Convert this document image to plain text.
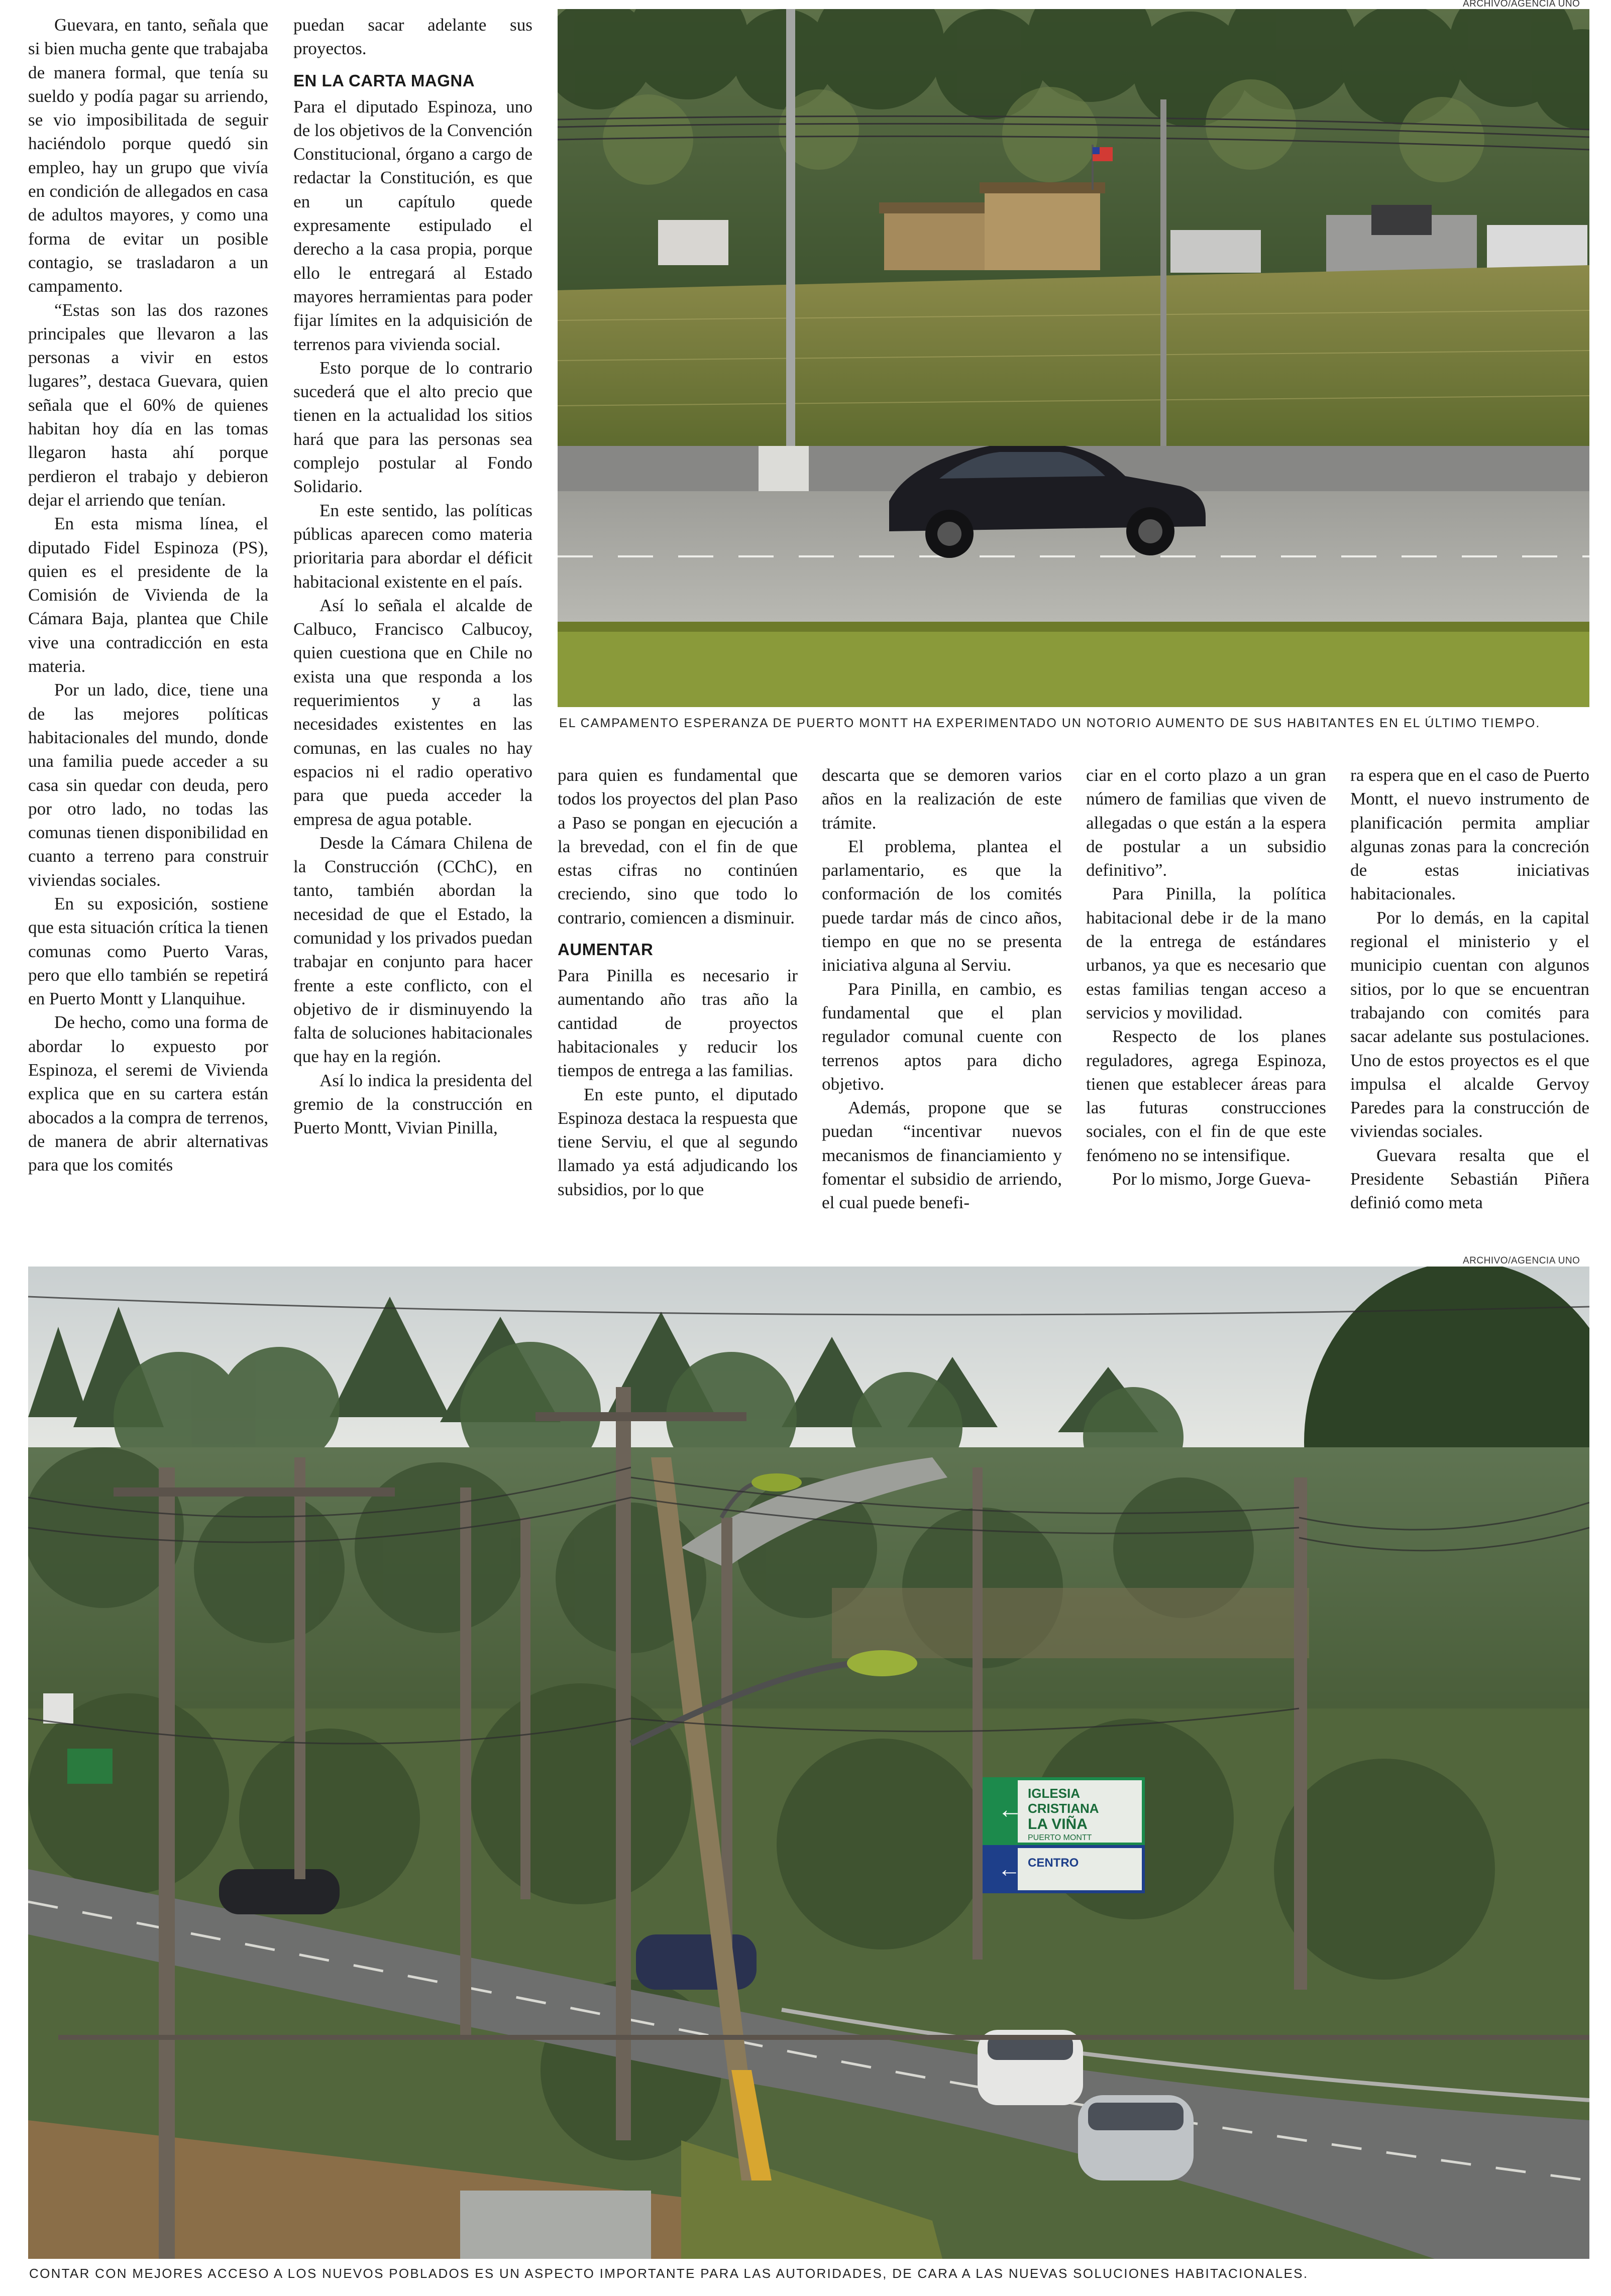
ARCHIVO/AGENCIA UNO
EL CAMPAMENTO ESPERANZA DE PUERTO MONTT HA EXPERIMENTADO UN NOTORIO AUMENTO DE SUS HABITANTES EN EL ÚLTIMO TIEMPO.

Guevara, en tanto, señala que si bien mucha gente que trabajaba de manera formal, que tenía su sueldo y podía pagar su arriendo, se vio imposibilitada de seguir haciéndolo porque quedó sin empleo, hay un grupo que vivía en condición de allegados en casa de adultos mayores, y como una forma de evitar un posible contagio, se trasladaron a un campamento.

“Estas son las dos razones principales que llevaron a las personas a vivir en estos lugares”, destaca Guevara, quien señala que el 60% de quienes habitan hoy día en las tomas llegaron hasta ahí porque perdieron el trabajo y debieron dejar el arriendo que tenían.

En esta misma línea, el diputado Fidel Espinoza (PS), quien es el presidente de la Comisión de Vivienda de la Cámara Baja, plantea que Chile vive una contradicción en esta materia.

Por un lado, dice, tiene una de las mejores políticas habitacionales del mundo, donde una familia puede acceder a su casa sin quedar con deuda, pero por otro lado, no todas las comunas tienen disponibilidad en cuanto a terreno para construir viviendas sociales.

En su exposición, sostiene que esta situación crítica la tienen comunas como Puerto Varas, pero que ello también se repetirá en Puerto Montt y Llanquihue.

De hecho, como una forma de abordar lo expuesto por Espinoza, el seremi de Vivienda explica que en su cartera están abocados a la compra de terrenos, de manera de abrir alternativas para que los comités

puedan sacar adelante sus proyectos.

EN LA CARTA MAGNA

Para el diputado Espinoza, uno de los objetivos de la Convención Constitucional, órgano a cargo de redactar la Constitución, es que en un capítulo quede expresamente estipulado el derecho a la casa propia, porque ello le entregará al Estado mayores herramientas para poder fijar límites en la adquisición de terrenos para vivienda social.

Esto porque de lo contrario sucederá que el alto precio que tienen en la actualidad los sitios hará que para las personas sea complejo postular al Fondo Solidario.

En este sentido, las políticas públicas aparecen como materia prioritaria para abordar el déficit habitacional existente en el país.

Así lo señala el alcalde de Calbuco, Francisco Calbucoy, quien cuestiona que en Chile no exista una que responda a los requerimientos y a las necesidades existentes en las comunas, en las cuales no hay espacios ni el radio operativo para que pueda acceder la empresa de agua potable.

Desde la Cámara Chilena de la Construcción (CChC), en tanto, también abordan la necesidad de que el Estado, la comunidad y los privados puedan trabajar en conjunto para hacer frente a este conflicto, con el objetivo de ir disminuyendo la falta de soluciones habitacionales que hay en la región.

Así lo indica la presidenta del gremio de la construcción en Puerto Montt, Vivian Pinilla,

para quien es fundamental que todos los proyectos del plan Paso a Paso se pongan en ejecución a la brevedad, con el fin de que estas cifras no continúen creciendo, sino que todo lo contrario, comiencen a disminuir.

AUMENTAR

Para Pinilla es necesario ir aumentando año tras año la cantidad de proyectos habitacionales y reducir los tiempos de entrega a las familias.

En este punto, el diputado Espinoza destaca la respuesta que tiene Serviu, el que al segundo llamado ya está adjudicando los subsidios, por lo que

descarta que se demoren varios años en la realización de este trámite.

El problema, plantea el parlamentario, es que la conformación de los comités puede tardar más de cinco años, tiempo en que no se presenta iniciativa alguna al Serviu.

Para Pinilla, en cambio, es fundamental que el plan regulador comunal cuente con terrenos aptos para dicho objetivo.

Además, propone que se puedan “incentivar nuevos mecanismos de financiamiento y fomentar el subsidio de arriendo, el cual puede benefi-

ciar en el corto plazo a un gran número de familias que viven de allegadas o que están a la espera de postular a un subsidio definitivo”.

Para Pinilla, la política habitacional debe ir de la mano de la entrega de estándares urbanos, ya que es necesario que estas familias tengan acceso a servicios y movilidad.

Respecto de los planes reguladores, agrega Espinoza, tienen que establecer áreas para las futuras construcciones sociales, con el fin de que este fenómeno no se intensifique.

Por lo mismo, Jorge Gueva-

ra espera que en el caso de Puerto Montt, el nuevo instrumento de planificación permita ampliar algunas zonas para la concreción de estas iniciativas habitacionales.

Por lo demás, en la capital regional el ministerio y el municipio cuentan con algunos sitios, por lo que se encuentran trabajando con comités para sacar adelante sus postulaciones. Uno de estos proyectos es el que impulsa el alcalde Gervoy Paredes para la construcción de viviendas sociales.

Guevara resalta que el Presidente Sebastián Piñera definió como meta

ARCHIVO/AGENCIA UNO
←
IGLESIA
CRISTIANA
LA VIÑA
PUERTO MONTT
← CENTRO
CONTAR CON MEJORES ACCESO A LOS NUEVOS POBLADOS ES UN ASPECTO IMPORTANTE PARA LAS AUTORIDADES, DE CARA A LAS NUEVAS SOLUCIONES HABITACIONALES.
